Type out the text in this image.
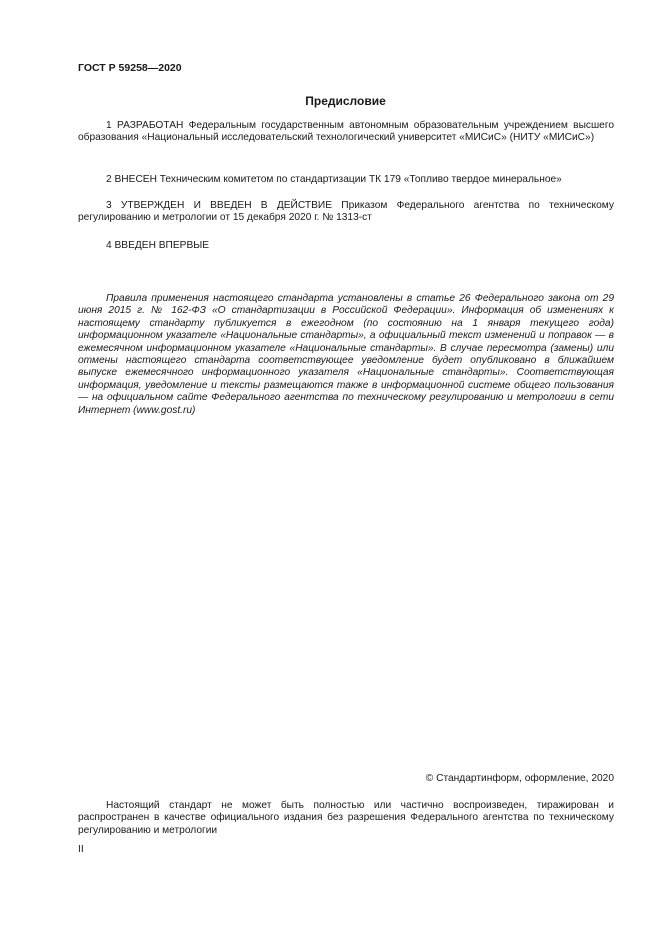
ГОСТ Р 59258—2020
Предисловие
1 РАЗРАБОТАН Федеральным государственным автономным образовательным учреждением высшего образования «Национальный исследовательский технологический университет «МИСиС» (НИТУ «МИСиС»)
2 ВНЕСЕН Техническим комитетом по стандартизации ТК 179 «Топливо твердое минеральное»
3 УТВЕРЖДЕН И ВВЕДЕН В ДЕЙСТВИЕ Приказом Федерального агентства по техническому регулированию и метрологии от 15 декабря 2020 г. № 1313-ст
4 ВВЕДЕН ВПЕРВЫЕ
Правила применения настоящего стандарта установлены в статье 26 Федерального закона от 29 июня 2015 г. № 162-ФЗ «О стандартизации в Российской Федерации». Информация об изменениях к настоящему стандарту публикуется в ежегодном (по состоянию на 1 января текущего года) информационном указателе «Национальные стандарты», а официальный текст изменений и поправок — в ежемесячном информационном указателе «Национальные стандарты». В случае пересмотра (замены) или отмены настоящего стандарта соответствующее уведомление будет опубликовано в ближайшем выпуске ежемесячного информационного указателя «Национальные стандарты». Соответствующая информация, уведомление и тексты размещаются также в информационной системе общего пользования — на официальном сайте Федерального агентства по техническому регулированию и метрологии в сети Интернет (www.gost.ru)
© Стандартинформ, оформление, 2020
Настоящий стандарт не может быть полностью или частично воспроизведен, тиражирован и распространен в качестве официального издания без разрешения Федерального агентства по техническому регулированию и метрологии
II
